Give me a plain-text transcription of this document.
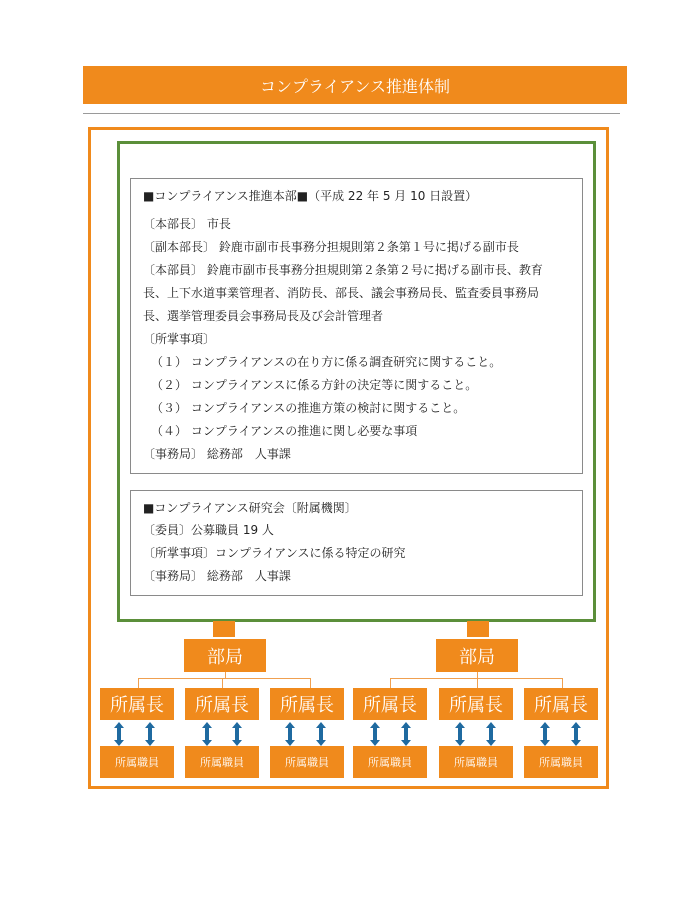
コンプライアンス推進体制
■コンプライアンス推進本部■（平成 22 年 5 月 10 日設置）
〔本部長〕 市長
〔副本部長〕 鈴鹿市副市長事務分担規則第２条第１号に掲げる副市長
〔本部員〕 鈴鹿市副市長事務分担規則第２条第２号に掲げる副市長、教育
長、上下水道事業管理者、消防長、部長、議会事務局長、監査委員事務局
長、選挙管理委員会事務局長及び会計管理者
〔所掌事項〕
（１） コンプライアンスの在り方に係る調査研究に関すること。
（２） コンプライアンスに係る方針の決定等に関すること。
（３） コンプライアンスの推進方策の検討に関すること。
（４） コンプライアンスの推進に関し必要な事項
〔事務局〕 総務部　人事課
■コンプライアンス研究会〔附属機関〕
〔委員〕公募職員 19 人
〔所掌事項〕コンプライアンスに係る特定の研究
〔事務局〕 総務部　人事課
部局	部局
所属長	所属長	所属長	所属長	所属長	所属長
所属職員	所属職員	所属職員	所属職員	所属職員	所属職員
